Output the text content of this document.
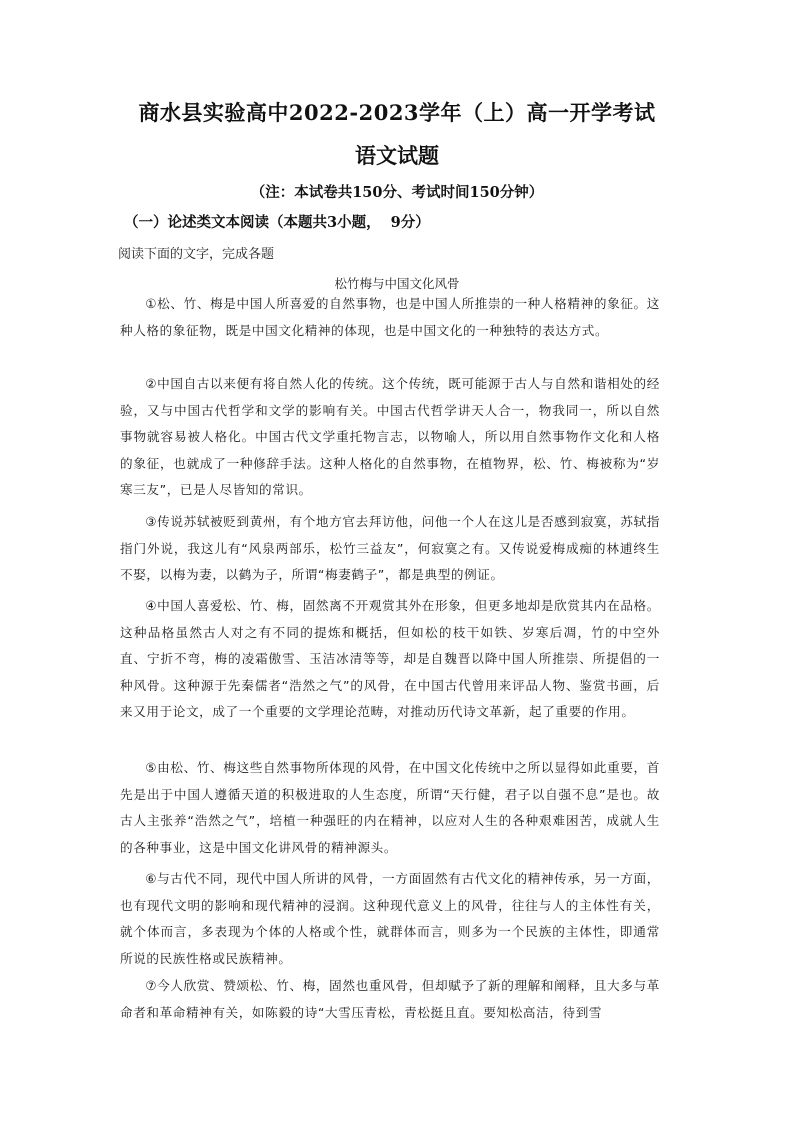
商水县实验高中2022-2023学年（上）高一开学考试
语文试题
（注：本试卷共150分、考试时间150分钟）
（一）论述类文本阅读（本题共3小题，  9分）
阅读下面的文字，完成各题
松竹梅与中国文化风骨

①松、竹、梅是中国人所喜爱的自然事物，也是中国人所推崇的一种人格精神的象征。这种人格的象征物，既是中国文化精神的体现，也是中国文化的一种独特的表达方式。

②中国自古以来便有将自然人化的传统。这个传统，既可能源于古人与自然和谐相处的经验，又与中国古代哲学和文学的影响有关。中国古代哲学讲天人合一，物我同一，所以自然事物就容易被人格化。中国古代文学重托物言志，以物喻人，所以用自然事物作文化和人格的象征，也就成了一种修辞手法。这种人格化的自然事物，在植物界，松、竹、梅被称为“岁寒三友”，已是人尽皆知的常识。

③传说苏轼被贬到黄州，有个地方官去拜访他，问他一个人在这儿是否感到寂寞，苏轼指指门外说，我这儿有“风泉两部乐，松竹三益友”，何寂寞之有。又传说爱梅成痴的林逋终生不娶，以梅为妻，以鹤为子，所谓“梅妻鹤子”，都是典型的例证。

④中国人喜爱松、竹、梅，固然离不开观赏其外在形象，但更多地却是欣赏其内在品格。这种品格虽然古人对之有不同的提炼和概括，但如松的枝干如铁、岁寒后凋，竹的中空外直、宁折不弯，梅的凌霜傲雪、玉洁冰清等等，却是自魏晋以降中国人所推崇、所提倡的一种风骨。这种源于先秦儒者“浩然之气”的风骨，在中国古代曾用来评品人物、鉴赏书画，后来又用于论文，成了一个重要的文学理论范畴，对推动历代诗文革新，起了重要的作用。

⑤由松、竹、梅这些自然事物所体现的风骨，在中国文化传统中之所以显得如此重要，首先是出于中国人遵循天道的积极进取的人生态度，所谓“天行健，君子以自强不息”是也。故古人主张养“浩然之气”，培植一种强旺的内在精神，以应对人生的各种艰难困苦，成就人生的各种事业，这是中国文化讲风骨的精神源头。

⑥与古代不同，现代中国人所讲的风骨，一方面固然有古代文化的精神传承，另一方面，也有现代文明的影响和现代精神的浸润。这种现代意义上的风骨，往往与人的主体性有关，就个体而言，多表现为个体的人格或个性，就群体而言，则多为一个民族的主体性，即通常所说的民族性格或民族精神。

⑦今人欣赏、赞颂松、竹、梅，固然也重风骨，但却赋予了新的理解和阐释，且大多与革命者和革命精神有关，如陈毅的诗“大雪压青松，青松挺且直。要知松高洁，待到雪
